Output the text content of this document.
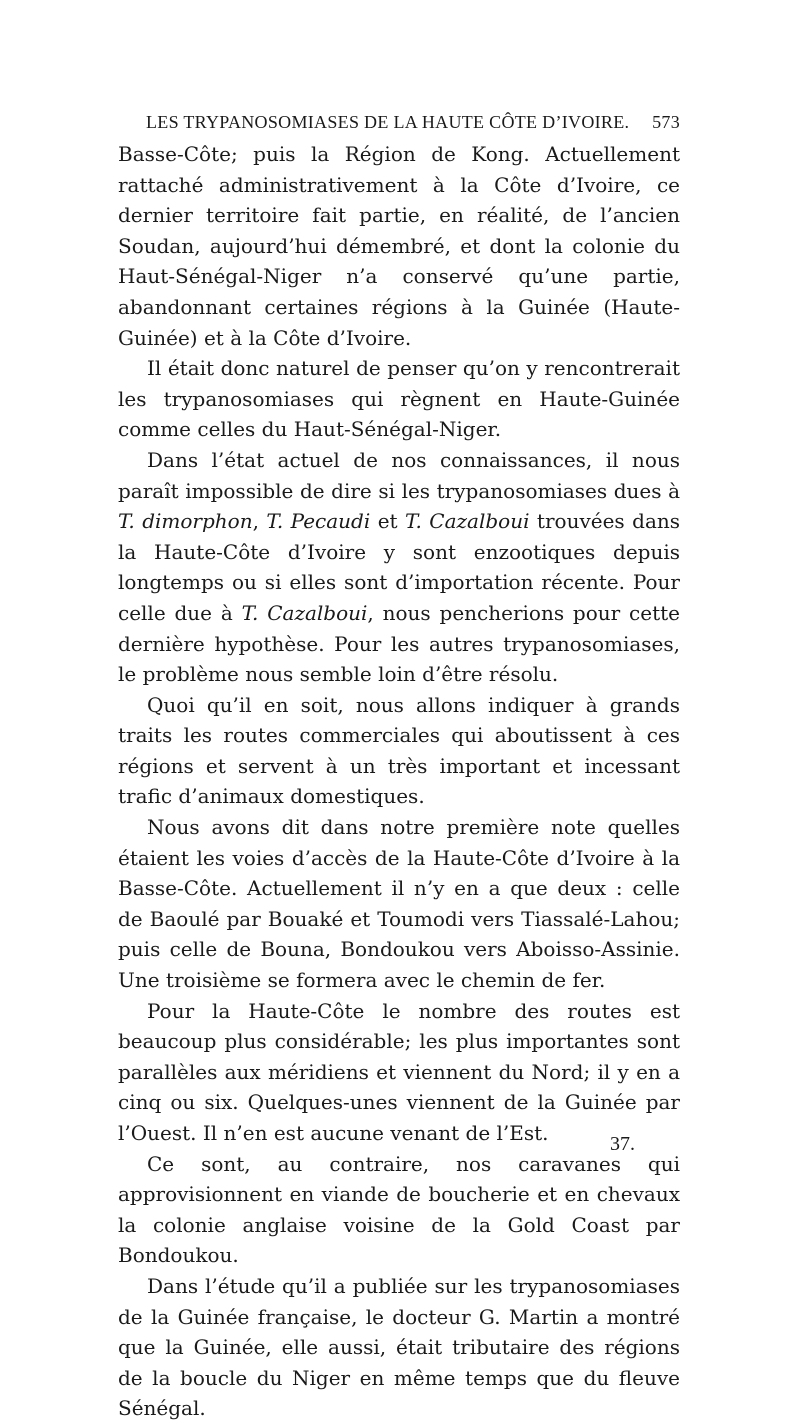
LES TRYPANOSOMIASES DE LA HAUTE CÔTE D’IVOIRE. 573

Basse-Côte; puis la Région de Kong. Actuellement rattaché administrativement à la Côte d’Ivoire, ce dernier territoire fait partie, en réalité, de l’ancien Soudan, aujourd’hui démembré, et dont la colonie du Haut-Sénégal-Niger n’a conservé qu’une partie, abandonnant certaines régions à la Guinée (Haute-Guinée) et à la Côte d’Ivoire.

Il était donc naturel de penser qu’on y rencontrerait les trypanosomiases qui règnent en Haute-Guinée comme celles du Haut-Sénégal-Niger.

Dans l’état actuel de nos connaissances, il nous paraît impossible de dire si les trypanosomiases dues à T. dimorphon, T. Pecaudi et T. Cazalboui trouvées dans la Haute-Côte d’Ivoire y sont enzootiques depuis longtemps ou si elles sont d’importation récente. Pour celle due à T. Cazalboui, nous pencherions pour cette dernière hypothèse. Pour les autres trypanosomiases, le problème nous semble loin d’être résolu.

Quoi qu’il en soit, nous allons indiquer à grands traits les routes commerciales qui aboutissent à ces régions et servent à un très important et incessant trafic d’animaux domestiques.

Nous avons dit dans notre première note quelles étaient les voies d’accès de la Haute-Côte d’Ivoire à la Basse-Côte. Actuellement il n’y en a que deux : celle de Baoulé par Bouaké et Toumodi vers Tiassalé-Lahou; puis celle de Bouna, Bondoukou vers Aboisso-Assinie. Une troisième se formera avec le chemin de fer.

Pour la Haute-Côte le nombre des routes est beaucoup plus considérable; les plus importantes sont parallèles aux méridiens et viennent du Nord; il y en a cinq ou six. Quelques-unes viennent de la Guinée par l’Ouest. Il n’en est aucune venant de l’Est.

Ce sont, au contraire, nos caravanes qui approvisionnent en viande de boucherie et en chevaux la colonie anglaise voisine de la Gold Coast par Bondoukou.

Dans l’étude qu’il a publiée sur les trypanosomiases de la Guinée française, le docteur G. Martin a montré que la Guinée, elle aussi, était tributaire des régions de la boucle du Niger en même temps que du fleuve Sénégal.

37.
